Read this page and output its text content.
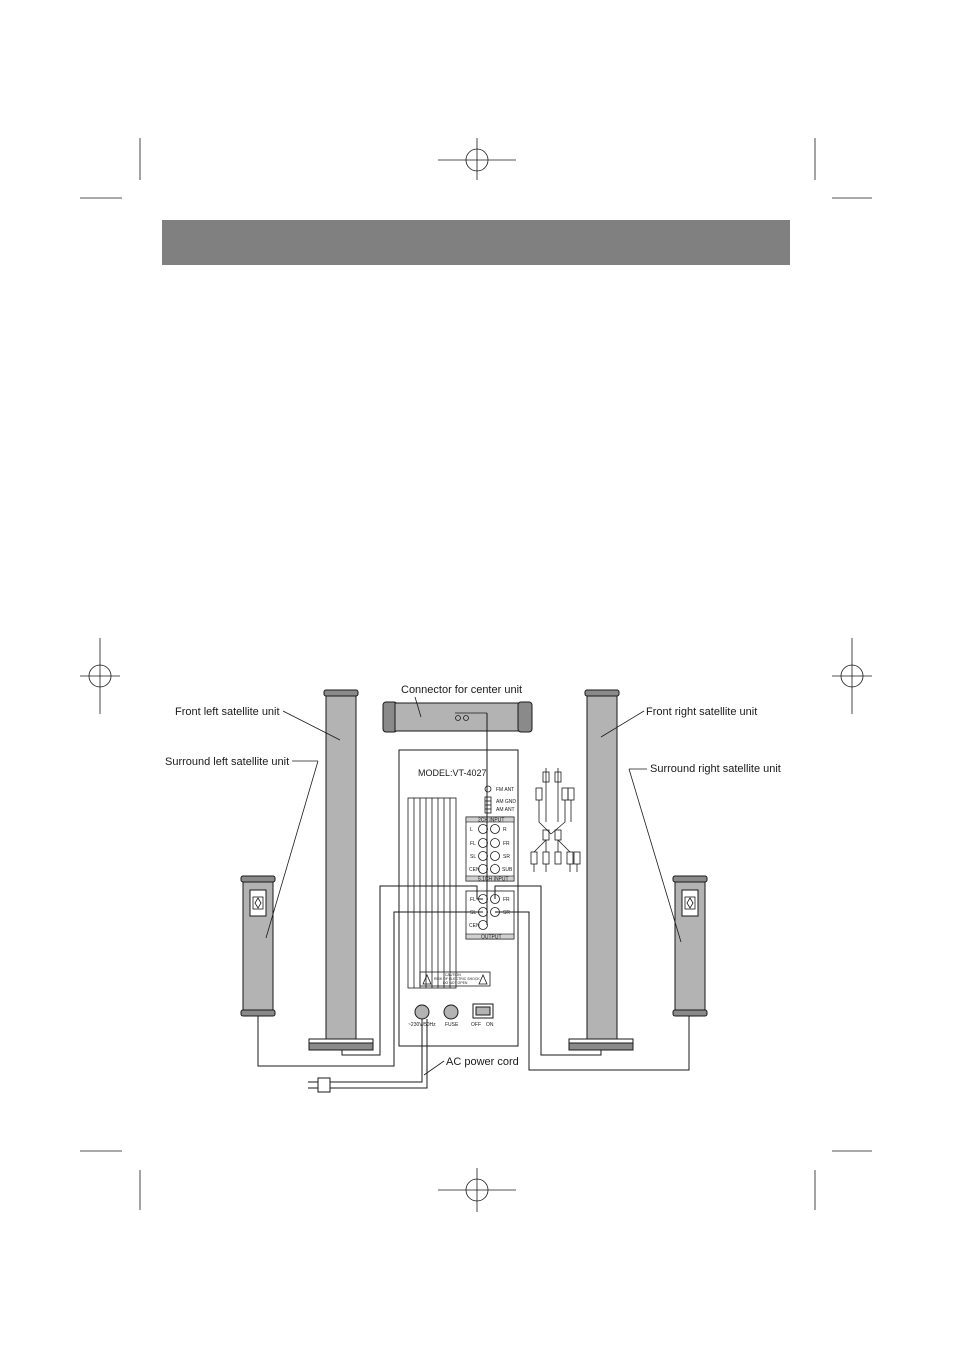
MODEL:VT-4027
FM ANT
AM GND
AM ANT
2CH INPUT
5.1CH INPUT
L
FL
SL
CEN
R
FR
SR
SUB
OUTPUT
FL
SL
CEN
FR
SR
CAUTION
RISK OF ELECTRIC SHOCK
DO NOT OPEN
~230V/50Hz FUSE	OFF ON
Connector for center unit
Front left satellite unit
Surround left satellite unit
Front right satellite unit
Surround right satellite unit
AC power cord
